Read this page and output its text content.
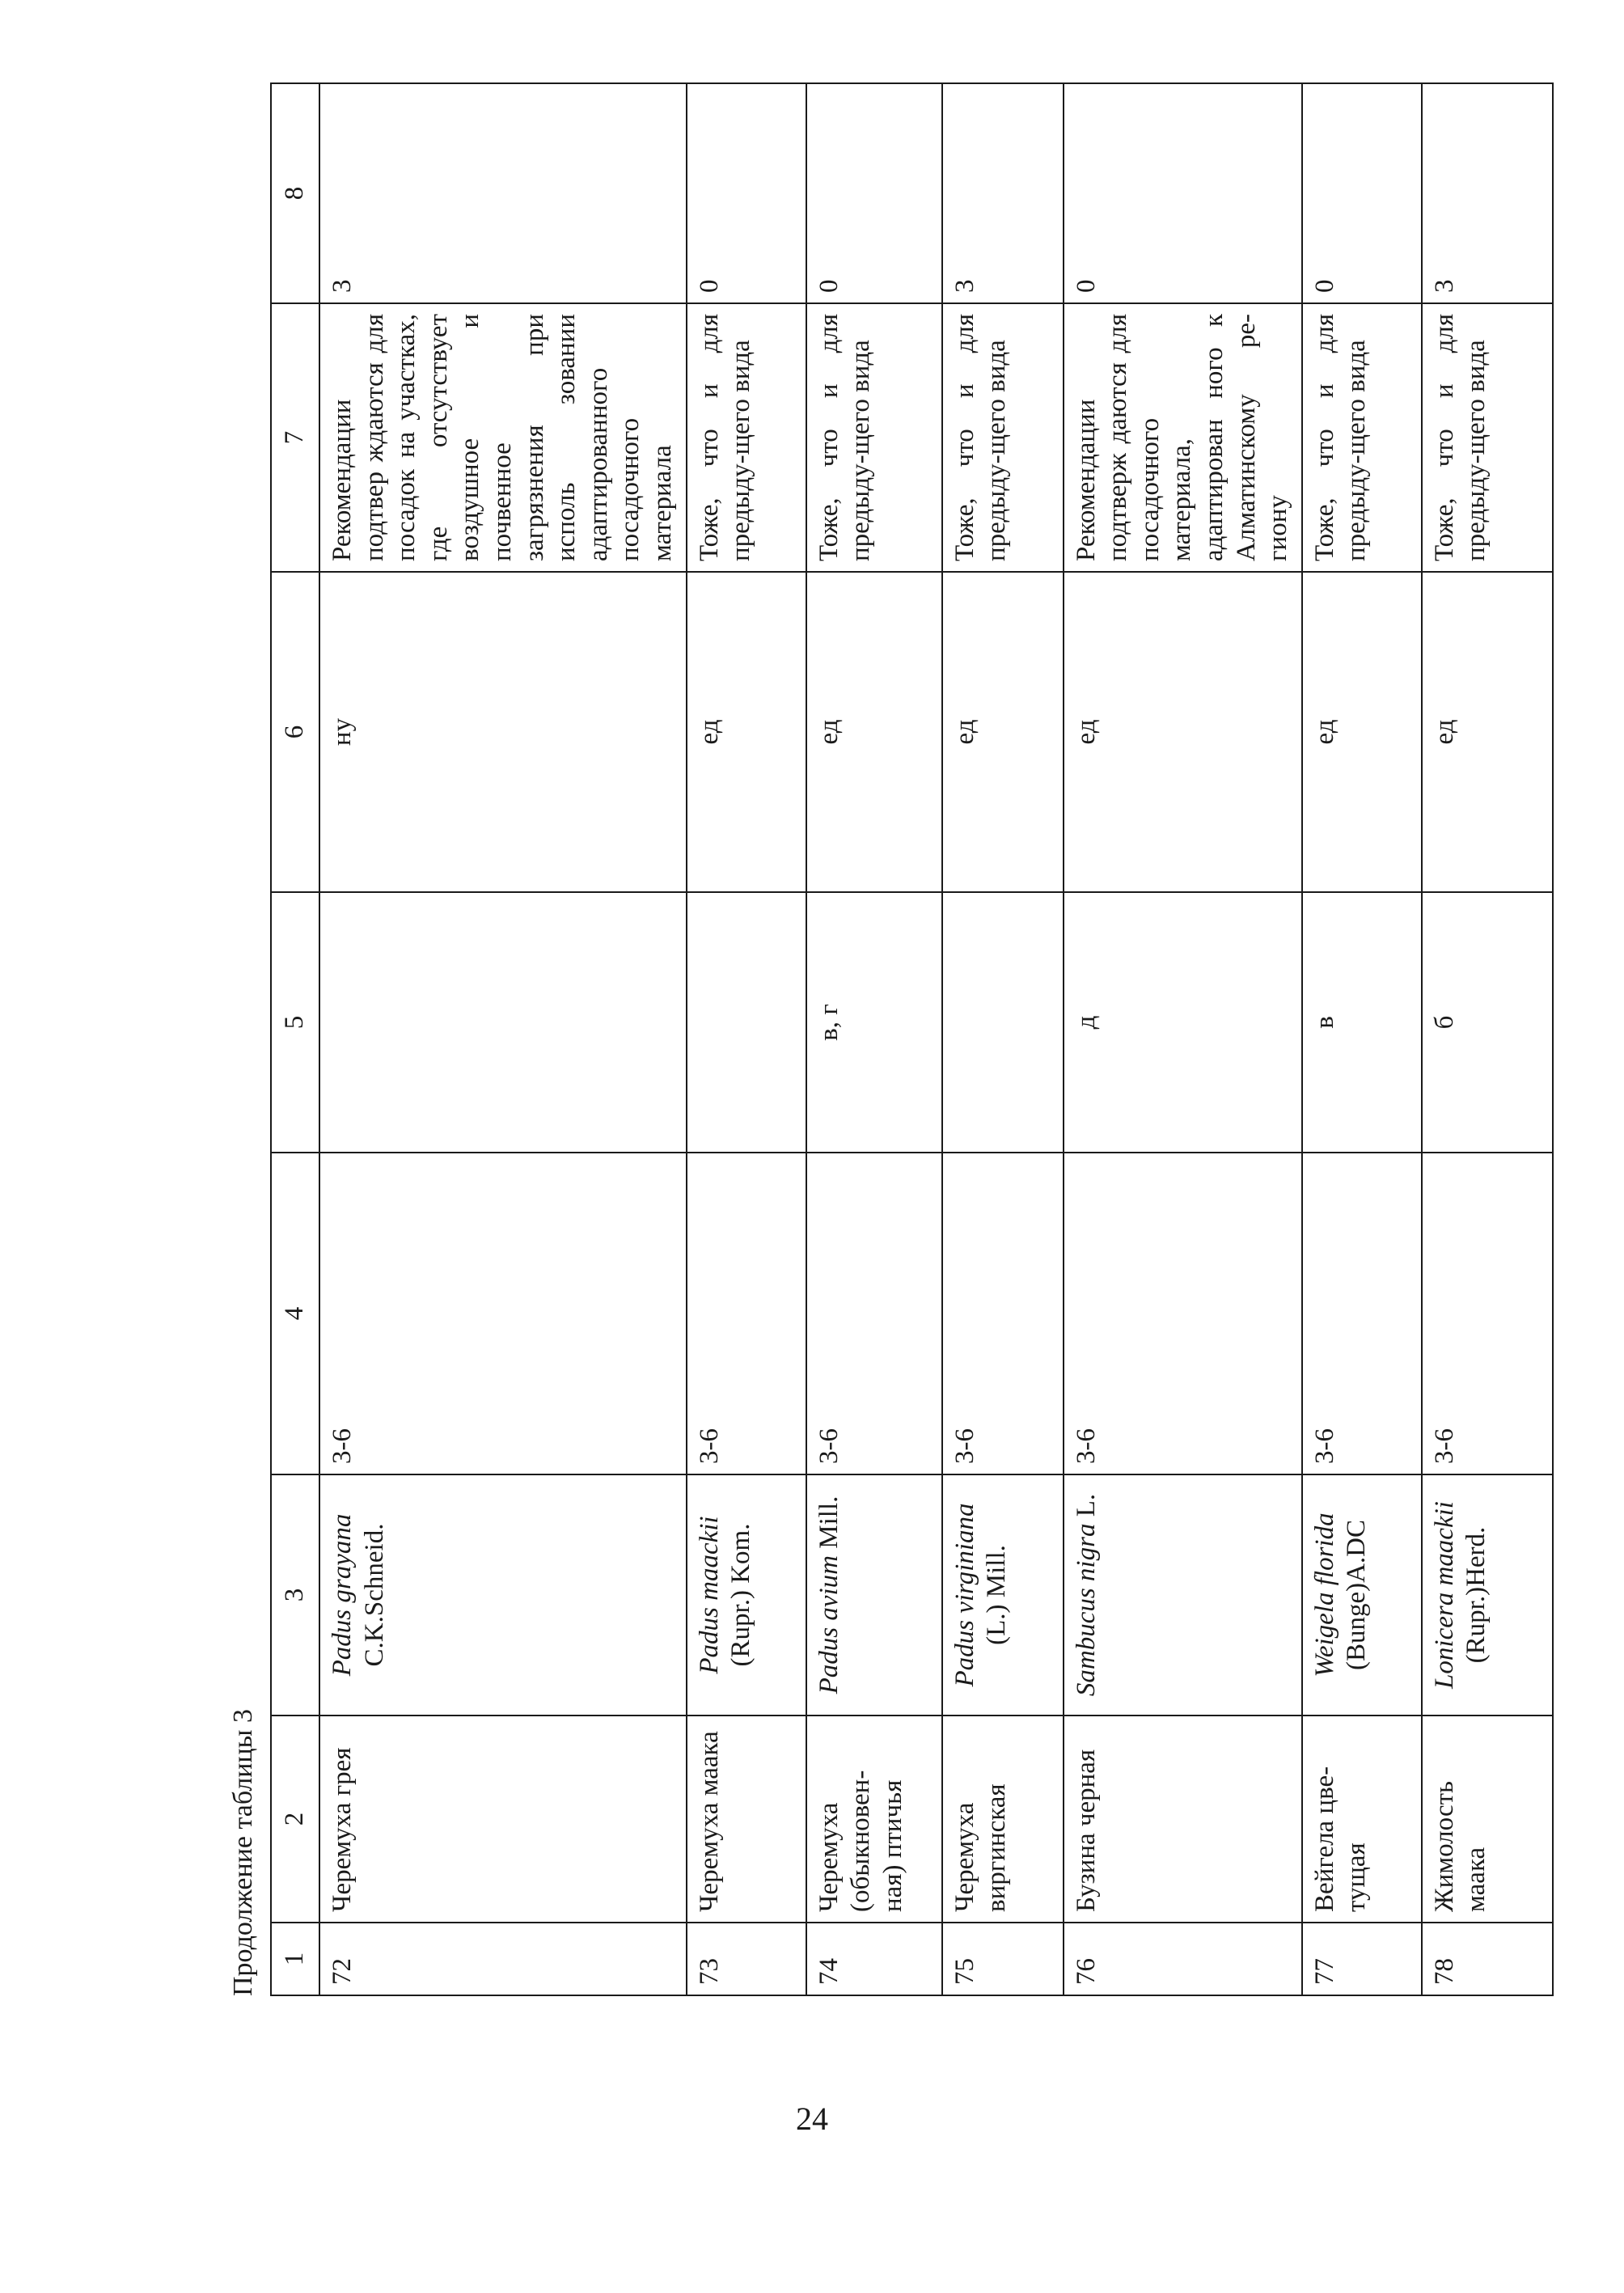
Продолжение таблицы 3 1	2	3	4	5	6	7	8	
72	Черемуха грея	Padus grayana C.K.Schneid.	3-6		ну	Рекомендации подтвер ждаются для посадок на участках, где отсутствует воздушное и почвенное загрязнения при исполь зовании адаптированного посадочного материала	3	
73	Черемуха маака	Padus maackii (Rupr.) Kom.	3-6		ед	Тоже, что и для предыду-щего вида	0	
74	Черемуха (обыкновен-ная) птичья	Padus avium Mill.	3-6	в, г	ед	Тоже, что и для предыду-щего вида	0	
75	Черемуха виргинская	Padus virginiana (L.) Mill.	3-6		ед	Тоже, что и для предыду-щего вида	3	
76	Бузина черная	Sambucus nigra L.	3-6	д	ед	Рекомендации подтверж даются для посадочного материала, адаптирован ного к Алматинскому ре-гиону	0	
77	Вейгела цве-тущая	Weigela florida (Bunge)A.DC	3-6	в	ед	Тоже, что и для предыду-щего вида	0	
78	Жимолость маака	Lonicera maackii (Rupr.)Herd.	3-6	б	ед	Тоже, что и для предыду-щего вида	3	
24
